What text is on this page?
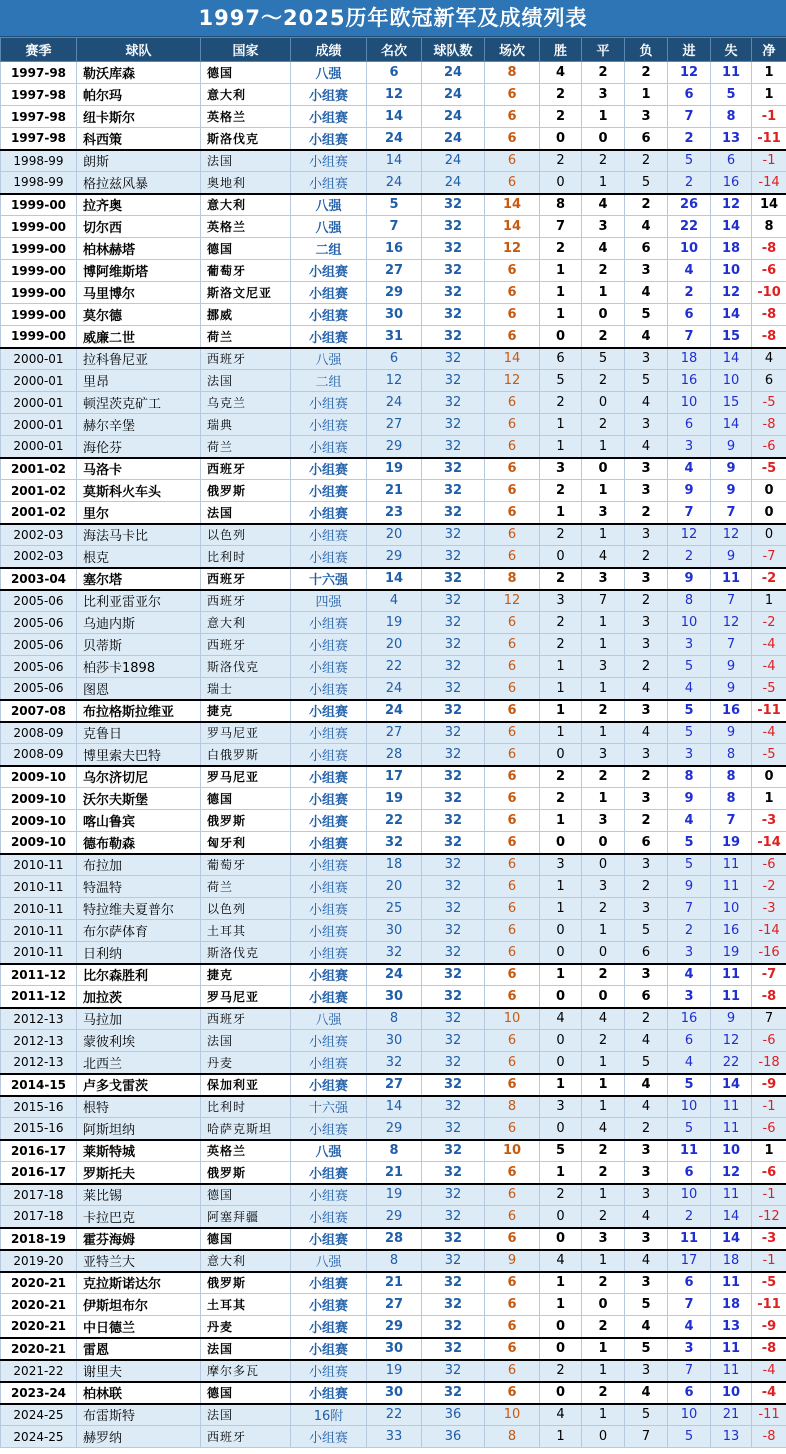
1997～2025历年欧冠新军及成绩列表
赛季	球队	国家	成绩	名次	球队数	场次	胜	平	负	进	失	净
1997-98	勒沃库森	德国	八强	6	24	8	4	2	2	12	11	1
1997-98	帕尔玛	意大利	小组赛	12	24	6	2	3	1	6	5	1
1997-98	纽卡斯尔	英格兰	小组赛	14	24	6	2	1	3	7	8	-1
1997-98	科西策	斯洛伐克	小组赛	24	24	6	0	0	6	2	13	-11
1998-99	朗斯	法国	小组赛	14	24	6	2	2	2	5	6	-1
1998-99	格拉兹风暴	奥地利	小组赛	24	24	6	0	1	5	2	16	-14
1999-00	拉齐奥	意大利	八强	5	32	14	8	4	2	26	12	14
1999-00	切尔西	英格兰	八强	7	32	14	7	3	4	22	14	8
1999-00	柏林赫塔	德国	二组	16	32	12	2	4	6	10	18	-8
1999-00	博阿维斯塔	葡萄牙	小组赛	27	32	6	1	2	3	4	10	-6
1999-00	马里博尔	斯洛文尼亚	小组赛	29	32	6	1	1	4	2	12	-10
1999-00	莫尔德	挪威	小组赛	30	32	6	1	0	5	6	14	-8
1999-00	威廉二世	荷兰	小组赛	31	32	6	0	2	4	7	15	-8
2000-01	拉科鲁尼亚	西班牙	八强	6	32	14	6	5	3	18	14	4
2000-01	里昂	法国	二组	12	32	12	5	2	5	16	10	6
2000-01	顿涅茨克矿工	乌克兰	小组赛	24	32	6	2	0	4	10	15	-5
2000-01	赫尔辛堡	瑞典	小组赛	27	32	6	1	2	3	6	14	-8
2000-01	海伦芬	荷兰	小组赛	29	32	6	1	1	4	3	9	-6
2001-02	马洛卡	西班牙	小组赛	19	32	6	3	0	3	4	9	-5
2001-02	莫斯科火车头	俄罗斯	小组赛	21	32	6	2	1	3	9	9	0
2001-02	里尔	法国	小组赛	23	32	6	1	3	2	7	7	0
2002-03	海法马卡比	以色列	小组赛	20	32	6	2	1	3	12	12	0
2002-03	根克	比利时	小组赛	29	32	6	0	4	2	2	9	-7
2003-04	塞尔塔	西班牙	十六强	14	32	8	2	3	3	9	11	-2
2005-06	比利亚雷亚尔	西班牙	四强	4	32	12	3	7	2	8	7	1
2005-06	乌迪内斯	意大利	小组赛	19	32	6	2	1	3	10	12	-2
2005-06	贝蒂斯	西班牙	小组赛	20	32	6	2	1	3	3	7	-4
2005-06	柏莎卡1898	斯洛伐克	小组赛	22	32	6	1	3	2	5	9	-4
2005-06	图恩	瑞士	小组赛	24	32	6	1	1	4	4	9	-5
2007-08	布拉格斯拉维亚	捷克	小组赛	24	32	6	1	2	3	5	16	-11
2008-09	克鲁日	罗马尼亚	小组赛	27	32	6	1	1	4	5	9	-4
2008-09	博里索夫巴特	白俄罗斯	小组赛	28	32	6	0	3	3	3	8	-5
2009-10	乌尔济切尼	罗马尼亚	小组赛	17	32	6	2	2	2	8	8	0
2009-10	沃尔夫斯堡	德国	小组赛	19	32	6	2	1	3	9	8	1
2009-10	喀山鲁宾	俄罗斯	小组赛	22	32	6	1	3	2	4	7	-3
2009-10	德布勒森	匈牙利	小组赛	32	32	6	0	0	6	5	19	-14
2010-11	布拉加	葡萄牙	小组赛	18	32	6	3	0	3	5	11	-6
2010-11	特温特	荷兰	小组赛	20	32	6	1	3	2	9	11	-2
2010-11	特拉维夫夏普尔	以色列	小组赛	25	32	6	1	2	3	7	10	-3
2010-11	布尔萨体育	土耳其	小组赛	30	32	6	0	1	5	2	16	-14
2010-11	日利纳	斯洛伐克	小组赛	32	32	6	0	0	6	3	19	-16
2011-12	比尔森胜利	捷克	小组赛	24	32	6	1	2	3	4	11	-7
2011-12	加拉茨	罗马尼亚	小组赛	30	32	6	0	0	6	3	11	-8
2012-13	马拉加	西班牙	八强	8	32	10	4	4	2	16	9	7
2012-13	蒙彼利埃	法国	小组赛	30	32	6	0	2	4	6	12	-6
2012-13	北西兰	丹麦	小组赛	32	32	6	0	1	5	4	22	-18
2014-15	卢多戈雷茨	保加利亚	小组赛	27	32	6	1	1	4	5	14	-9
2015-16	根特	比利时	十六强	14	32	8	3	1	4	10	11	-1
2015-16	阿斯坦纳	哈萨克斯坦	小组赛	29	32	6	0	4	2	5	11	-6
2016-17	莱斯特城	英格兰	八强	8	32	10	5	2	3	11	10	1
2016-17	罗斯托夫	俄罗斯	小组赛	21	32	6	1	2	3	6	12	-6
2017-18	莱比锡	德国	小组赛	19	32	6	2	1	3	10	11	-1
2017-18	卡拉巴克	阿塞拜疆	小组赛	29	32	6	0	2	4	2	14	-12
2018-19	霍芬海姆	德国	小组赛	28	32	6	0	3	3	11	14	-3
2019-20	亚特兰大	意大利	八强	8	32	9	4	1	4	17	18	-1
2020-21	克拉斯诺达尔	俄罗斯	小组赛	21	32	6	1	2	3	6	11	-5
2020-21	伊斯坦布尔	土耳其	小组赛	27	32	6	1	0	5	7	18	-11
2020-21	中日德兰	丹麦	小组赛	29	32	6	0	2	4	4	13	-9
2020-21	雷恩	法国	小组赛	30	32	6	0	1	5	3	11	-8
2021-22	谢里夫	摩尔多瓦	小组赛	19	32	6	2	1	3	7	11	-4
2023-24	柏林联	德国	小组赛	30	32	6	0	2	4	6	10	-4
2024-25	布雷斯特	法国	16附	22	36	10	4	1	5	10	21	-11
2024-25	赫罗纳	西班牙	小组赛	33	36	8	1	0	7	5	13	-8
